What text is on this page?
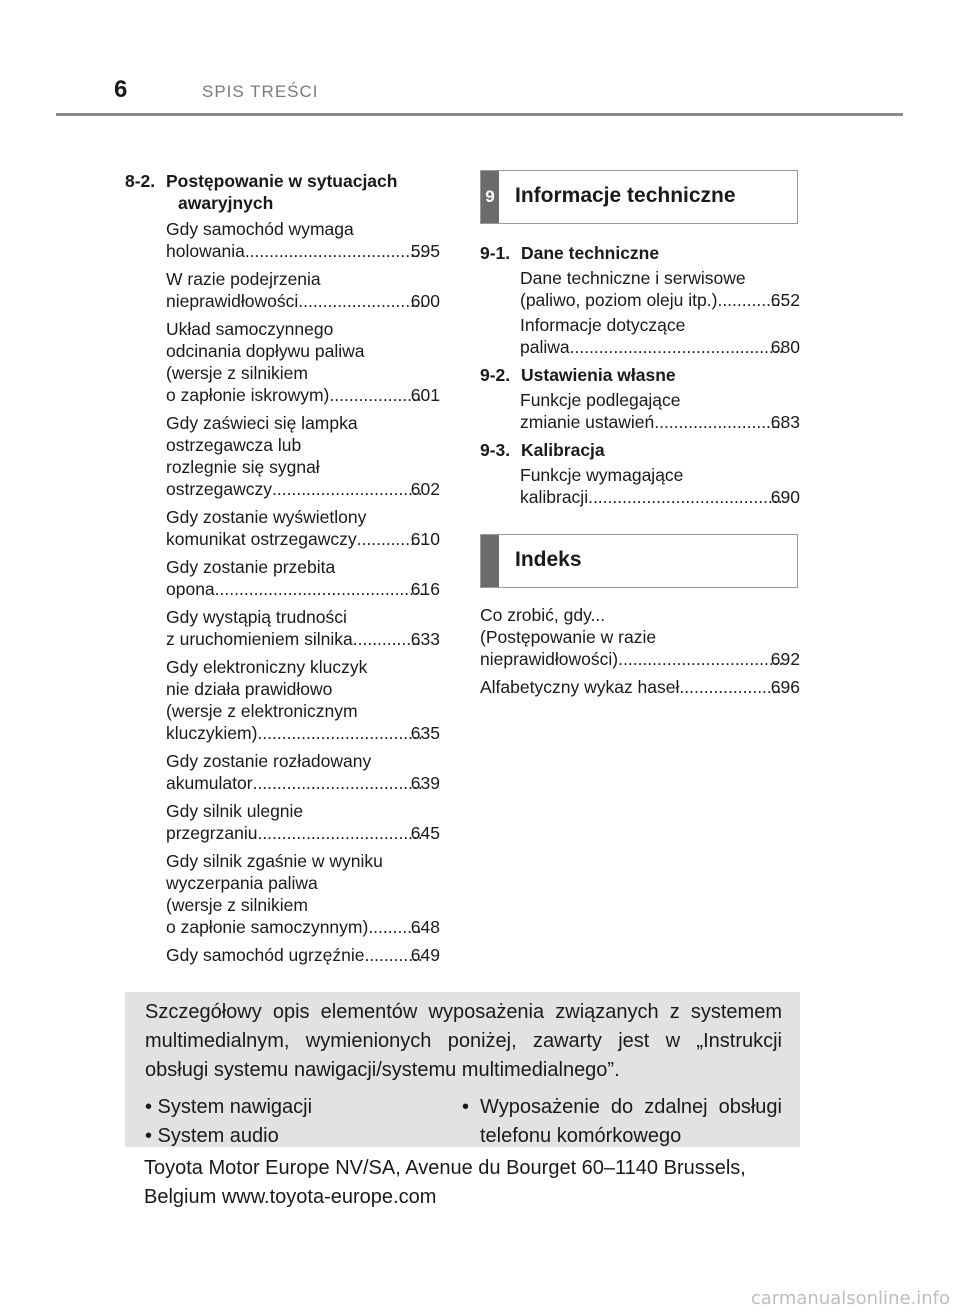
6	SPIS TREŚCI
8-2. Postępowanie w sytuacjach
awaryjnych
Gdy samochód wymaga
holowania .....	595
W razie podejrzenia
nieprawidłowości .....	600
Układ samoczynnego
odcinania dopływu paliwa
(wersje z silnikiem
o zapłonie iskrowym) .....	601
Gdy zaświeci się lampka
ostrzegawcza lub
rozlegnie się sygnał
ostrzegawczy .....	602
Gdy zostanie wyświetlony
komunikat ostrzegawczy .....	610
Gdy zostanie przebita
opona .....	616
Gdy wystąpią trudności
z uruchomieniem silnika .....	633
Gdy elektroniczny kluczyk
nie działa prawidłowo
(wersje z elektronicznym
kluczykiem) .....	635
Gdy zostanie rozładowany
akumulator .....	639
Gdy silnik ulegnie
przegrzaniu .....	645
Gdy silnik zgaśnie w wyniku
wyczerpania paliwa
(wersje z silnikiem
o zapłonie samoczynnym) ..... 648
Gdy samochód ugrzęźnie .....	649
9 Informacje techniczne
9-1. Dane techniczne
Dane techniczne i serwisowe
(paliwo, poziom oleju itp.) .....	652
Informacje dotyczące
paliwa .....	680
9-2. Ustawienia własne
Funkcje podlegające
zmianie ustawień .....	683
9-3. Kalibracja
Funkcje wymagające
kalibracji .....	690
Indeks
Co zrobić, gdy...
(Postępowanie w razie
nieprawidłowości) .....	692
Alfabetyczny wykaz haseł .....	696
Szczegółowy opis elementów wyposażenia związanych z systemem multimedialnym, wymienionych poniżej, zawarty jest w „Instrukcji obsługi systemu nawigacji/systemu multimedialnego”.
• System nawigacji
• System audio
• Wyposażenie do zdalnej obsługi telefonu komórkowego
Toyota Motor Europe NV/SA, Avenue du Bourget 60–1140 Brussels, Belgium www.toyota-europe.com
carmanualsonline.info
